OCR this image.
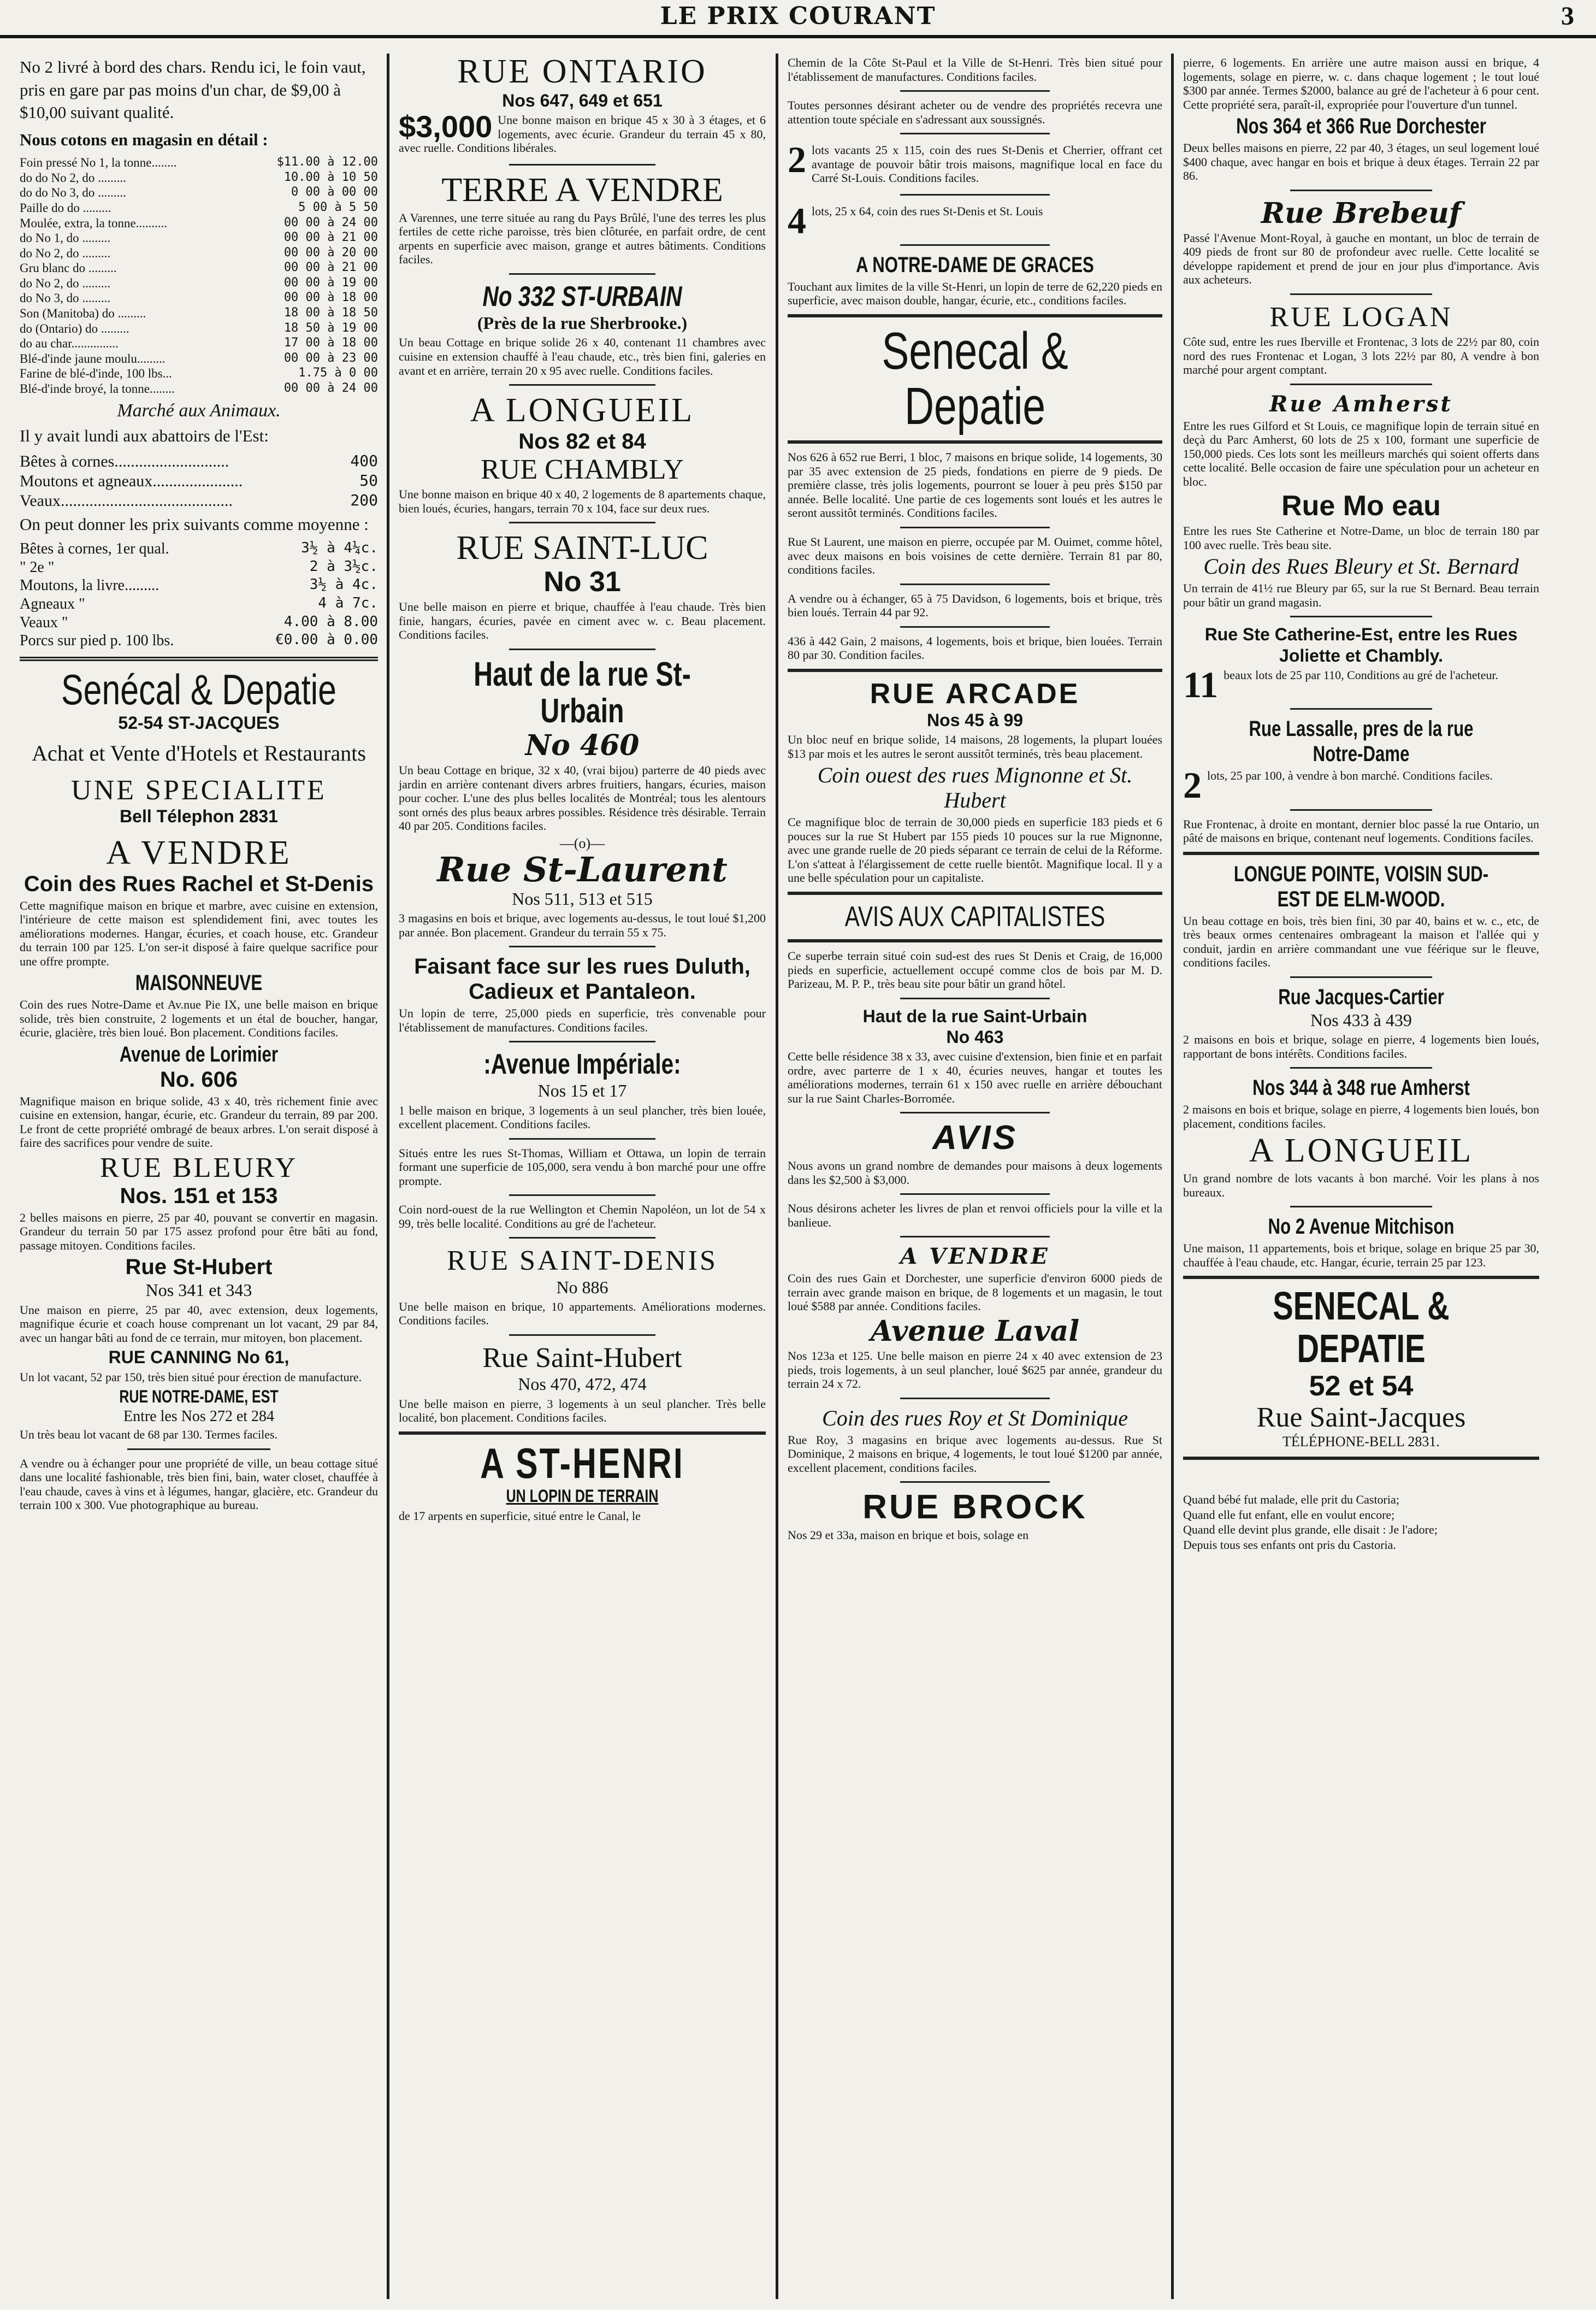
LE PRIX COURANT	3

No 2 livré à bord des chars. Rendu ici, le foin vaut, pris en gare par pas moins d'un char, de $9,00 à $10,00 suivant qualité.

Nous cotons en magasin en détail :

Foin pressé No 1, la tonne........	$11.00 à 12.00
do do No 2, do .........	10.00 à 10 50
do do No 3, do .........	0 00 à 00 00
Paille do do .........	5 00 à 5 50
Moulée, extra, la tonne..........	00 00 à 24 00
do No 1, do .........	00 00 à 21 00
do No 2, do .........	00 00 à 20 00
Gru blanc do .........	00 00 à 21 00
do No 2, do .........	00 00 à 19 00
do No 3, do .........	00 00 à 18 00
Son (Manitoba) do .........	18 00 à 18 50
do (Ontario) do .........	18 50 à 19 00
do au char...............	17 00 à 18 00
Blé-d'inde jaune moulu.........	00 00 à 23 00
Farine de blé-d'inde, 100 lbs...	1.75 à 0 00
Blé-d'inde broyé, la tonne........	00 00 à 24 00
Marché aux Animaux.

Il y avait lundi aux abattoirs de l'Est:

Bêtes à cornes............................	400
Moutons et agneaux......................	50
Veaux..........................................	200

On peut donner les prix suivants comme moyenne :

Bêtes à cornes, 1er qual.	3½ à 4¼c.
" 2e "	2 à 3½c.
Moutons, la livre.........	3½ à 4c.
Agneaux "	4 à 7c.
Veaux "	4.00 à 8.00
Porcs sur pied p. 100 lbs.	€0.00 à 0.00
Senécal & Depatie
52-54 ST-JACQUES
Achat et Vente d'Hotels et Restaurants
UNE SPECIALITE
Bell Télephon 2831
A VENDRE
Coin des Rues Rachel et St-Denis

Cette magnifique maison en brique et marbre, avec cuisine en extension, l'intérieure de cette maison est splendidement fini, avec toutes les améliorations modernes. Hangar, écuries, et coach house, etc. Grandeur du terrain 100 par 125. L'on ser-it disposé à faire quelque sacrifice pour une offre prompte.

MAISONNEUVE

Coin des rues Notre-Dame et Av.nue Pie IX, une belle maison en brique solide, très bien construite, 2 logements et un étal de boucher, hangar, écurie, glacière, très bien loué. Bon placement. Conditions faciles.

Avenue de Lorimier
No. 606

Magnifique maison en brique solide, 43 x 40, très richement finie avec cuisine en extension, hangar, écurie, etc. Grandeur du terrain, 89 par 200. Le front de cette propriété ombragé de beaux arbres. L'on serait disposé à faire des sacrifices pour vendre de suite.

RUE BLEURY
Nos. 151 et 153

2 belles maisons en pierre, 25 par 40, pouvant se convertir en magasin. Grandeur du terrain 50 par 175 assez profond pour être bâti au fond, passage mitoyen. Conditions faciles.

Rue St-Hubert
Nos 341 et 343

Une maison en pierre, 25 par 40, avec extension, deux logements, magnifique écurie et coach house comprenant un lot vacant, 29 par 84, avec un hangar bâti au fond de ce terrain, mur mitoyen, bon placement.

RUE CANNING No 61,

Un lot vacant, 52 par 150, très bien situé pour érection de manufacture.

RUE NOTRE-DAME, EST
Entre les Nos 272 et 284

Un très beau lot vacant de 68 par 130. Termes faciles.

A vendre ou à échanger pour une propriété de ville, un beau cottage situé dans une localité fashionable, très bien fini, bain, water closet, chauffée à l'eau chaude, caves à vins et à légumes, hangar, glacière, etc. Grandeur du terrain 100 x 300. Vue photographique au bureau.

RUE ONTARIO
Nos 647, 649 et 651
$3,000 Une bonne maison en brique 45 x 30 à 3 étages, et 6 logements, avec écurie. Grandeur du terrain 45 x 80, avec ruelle. Conditions libérales.

TERRE A VENDRE

A Varennes, une terre située au rang du Pays Brûlé, l'une des terres les plus fertiles de cette riche paroisse, très bien clôturée, en parfait ordre, de cent arpents en superficie avec maison, grange et autres bâtiments. Conditions faciles.

No 332 ST-URBAIN
(Près de la rue Sherbrooke.)

Un beau Cottage en brique solide 26 x 40, contenant 11 chambres avec cuisine en extension chauffé à l'eau chaude, etc., très bien fini, galeries en avant et en arrière, terrain 20 x 95 avec ruelle. Conditions faciles.

A LONGUEIL
Nos 82 et 84
RUE CHAMBLY

Une bonne maison en brique 40 x 40, 2 logements de 8 apartements chaque, bien loués, écuries, hangars, terrain 70 x 104, face sur deux rues.

RUE SAINT-LUC
No 31

Une belle maison en pierre et brique, chauffée à l'eau chaude. Très bien finie, hangars, écuries, pavée en ciment avec w. c. Beau placement. Conditions faciles.

Haut de la rue St-Urbain
No 460

Un beau Cottage en brique, 32 x 40, (vrai bijou) parterre de 40 pieds avec jardin en arrière contenant divers arbres fruitiers, hangars, écuries, maison pour cocher. L'une des plus belles localités de Montréal; tous les alentours sont ornés des plus beaux arbres possibles. Résidence très désirable. Terrain 40 par 205. Conditions faciles.

—(o)—
Rue St-Laurent
Nos 511, 513 et 515

3 magasins en bois et brique, avec logements au-dessus, le tout loué $1,200 par année. Bon placement. Grandeur du terrain 55 x 75.

Faisant face sur les rues Duluth, Cadieux et Pantaleon.

Un lopin de terre, 25,000 pieds en superficie, très convenable pour l'établissement de manufactures. Conditions faciles.

:Avenue Impériale:
Nos 15 et 17

1 belle maison en brique, 3 logements à un seul plancher, très bien louée, excellent placement. Conditions faciles.

Situés entre les rues St-Thomas, William et Ottawa, un lopin de terrain formant une superficie de 105,000, sera vendu à bon marché pour une offre prompte.

Coin nord-ouest de la rue Wellington et Chemin Napoléon, un lot de 54 x 99, très belle localité. Conditions au gré de l'acheteur.

RUE SAINT-DENIS
No 886

Une belle maison en brique, 10 appartements. Améliorations modernes. Conditions faciles.

Rue Saint-Hubert
Nos 470, 472, 474

Une belle maison en pierre, 3 logements à un seul plancher. Très belle localité, bon placement. Conditions faciles.

A ST-HENRI
UN LOPIN DE TERRAIN

de 17 arpents en superficie, situé entre le Canal, le

Chemin de la Côte St-Paul et la Ville de St-Henri. Très bien situé pour l'établissement de manufactures. Conditions faciles.

Toutes personnes désirant acheter ou de vendre des propriétés recevra une attention toute spéciale en s'adressant aux soussignés.

2 lots vacants 25 x 115, coin des rues St-Denis et Cherrier, offrant cet avantage de pouvoir bâtir trois maisons, magnifique local en face du Carré St-Louis. Conditions faciles.

4 lots, 25 x 64, coin des rues St-Denis et St. Louis

A NOTRE-DAME DE GRACES

Touchant aux limites de la ville St-Henri, un lopin de terre de 62,220 pieds en superficie, avec maison double, hangar, écurie, etc., conditions faciles.

Senecal & Depatie

Nos 626 à 652 rue Berri, 1 bloc, 7 maisons en brique solide, 14 logements, 30 par 35 avec extension de 25 pieds, fondations en pierre de 9 pieds. De première classe, très jolis logements, pourront se louer à peu près $150 par année. Belle localité. Une partie de ces logements sont loués et les autres le seront aussitôt terminés. Conditions faciles.

Rue St Laurent, une maison en pierre, occupée par M. Ouimet, comme hôtel, avec deux maisons en bois voisines de cette dernière. Terrain 81 par 80, conditions faciles.

A vendre ou à échanger, 65 à 75 Davidson, 6 logements, bois et brique, très bien loués. Terrain 44 par 92.

436 à 442 Gain, 2 maisons, 4 logements, bois et brique, bien louées. Terrain 80 par 30. Condition faciles.

RUE ARCADE
Nos 45 à 99

Un bloc neuf en brique solide, 14 maisons, 28 logements, la plupart louées $13 par mois et les autres le seront aussitôt terminés, très beau placement.

Coin ouest des rues Mignonne et St. Hubert

Ce magnifique bloc de terrain de 30,000 pieds en superficie 183 pieds et 6 pouces sur la rue St Hubert par 155 pieds 10 pouces sur la rue Mignonne, avec une grande ruelle de 20 pieds séparant ce terrain de celui de la Réforme. L'on s'atteat à l'élargissement de cette ruelle bientôt. Magnifique local. Il y a une belle spéculation pour un capitaliste.

AVIS AUX CAPITALISTES

Ce superbe terrain situé coin sud-est des rues St Denis et Craig, de 16,000 pieds en superficie, actuellement occupé comme clos de bois par M. D. Parizeau, M. P. P., très beau site pour bâtir un grand hôtel.

Haut de la rue Saint-Urbain
No 463

Cette belle résidence 38 x 33, avec cuisine d'extension, bien finie et en parfait ordre, avec parterre de 1 x 40, écuries neuves, hangar et toutes les améliorations modernes, terrain 61 x 150 avec ruelle en arrière débouchant sur la rue Saint Charles-Borromée.

AVIS

Nous avons un grand nombre de demandes pour maisons à deux logements dans les $2,500 à $3,000.

Nous désirons acheter les livres de plan et renvoi officiels pour la ville et la banlieue.

A VENDRE

Coin des rues Gain et Dorchester, une superficie d'environ 6000 pieds de terrain avec grande maison en brique, de 8 logements et un magasin, le tout loué $588 par année. Conditions faciles.

Avenue Laval

Nos 123a et 125. Une belle maison en pierre 24 x 40 avec extension de 23 pieds, trois logements, à un seul plancher, loué $625 par année, grandeur du terrain 24 x 72.

Coin des rues Roy et St Dominique

Rue Roy, 3 magasins en brique avec logements au-dessus. Rue St Dominique, 2 maisons en brique, 4 logements, le tout loué $1200 par année, excellent placement, conditions faciles.

RUE BROCK

Nos 29 et 33a, maison en brique et bois, solage en

pierre, 6 logements. En arrière une autre maison aussi en brique, 4 logements, solage en pierre, w. c. dans chaque logement ; le tout loué $300 par année. Termes $2000, balance au gré de l'acheteur à 6 pour cent. Cette propriété sera, paraît-il, expropriée pour l'ouverture d'un tunnel.

Nos 364 et 366 Rue Dorchester

Deux belles maisons en pierre, 22 par 40, 3 étages, un seul logement loué $400 chaque, avec hangar en bois et brique à deux étages. Terrain 22 par 86.

Rue Brebeuf

Passé l'Avenue Mont-Royal, à gauche en montant, un bloc de terrain de 409 pieds de front sur 80 de profondeur avec ruelle. Cette localité se développe rapidement et prend de jour en jour plus d'importance. Avis aux acheteurs.

RUE LOGAN

Côte sud, entre les rues Iberville et Frontenac, 3 lots de 22½ par 80, coin nord des rues Frontenac et Logan, 3 lots 22½ par 80, A vendre à bon marché pour argent comptant.

Rue Amherst

Entre les rues Gilford et St Louis, ce magnifique lopin de terrain situé en deçà du Parc Amherst, 60 lots de 25 x 100, formant une superficie de 150,000 pieds. Ces lots sont les meilleurs marchés qui soient offerts dans cette localité. Belle occasion de faire une spéculation pour un acheteur en bloc.

Rue Mo eau

Entre les rues Ste Catherine et Notre-Dame, un bloc de terrain 180 par 100 avec ruelle. Très beau site.

Coin des Rues Bleury et St. Bernard

Un terrain de 41½ rue Bleury par 65, sur la rue St Bernard. Beau terrain pour bâtir un grand magasin.

Rue Ste Catherine-Est, entre les Rues Joliette et Chambly.
11 beaux lots de 25 par 110, Conditions au gré de l'acheteur.

Rue Lassalle, pres de la rue Notre-Dame
2 lots, 25 par 100, à vendre à bon marché. Conditions faciles.

Rue Frontenac, à droite en montant, dernier bloc passé la rue Ontario, un pâté de maisons en brique, contenant neuf logements. Conditions faciles.

LONGUE POINTE, VOISIN SUD-EST DE ELM-WOOD.

Un beau cottage en bois, très bien fini, 30 par 40, bains et w. c., etc, de très beaux ormes centenaires ombrageant la maison et l'allée qui y conduit, jardin en arrière commandant une vue féérique sur le fleuve, conditions faciles.

Rue Jacques-Cartier
Nos 433 à 439

2 maisons en bois et brique, solage en pierre, 4 logements bien loués, rapportant de bons intérêts. Conditions faciles.

Nos 344 à 348 rue Amherst

2 maisons en bois et brique, solage en pierre, 4 logements bien loués, bon placement, conditions faciles.

A LONGUEIL

Un grand nombre de lots vacants à bon marché. Voir les plans à nos bureaux.

No 2 Avenue Mitchison

Une maison, 11 appartements, bois et brique, solage en brique 25 par 30, chauffée à l'eau chaude, etc. Hangar, écurie, terrain 25 par 123.

SENECAL & DEPATIE
52 et 54
Rue Saint-Jacques
TÉLÉPHONE-BELL 2831.

Quand bébé fut malade, elle prit du Castoria;

Quand elle fut enfant, elle en voulut encore;

Quand elle devint plus grande, elle disait : Je l'adore;

Depuis tous ses enfants ont pris du Castoria.
